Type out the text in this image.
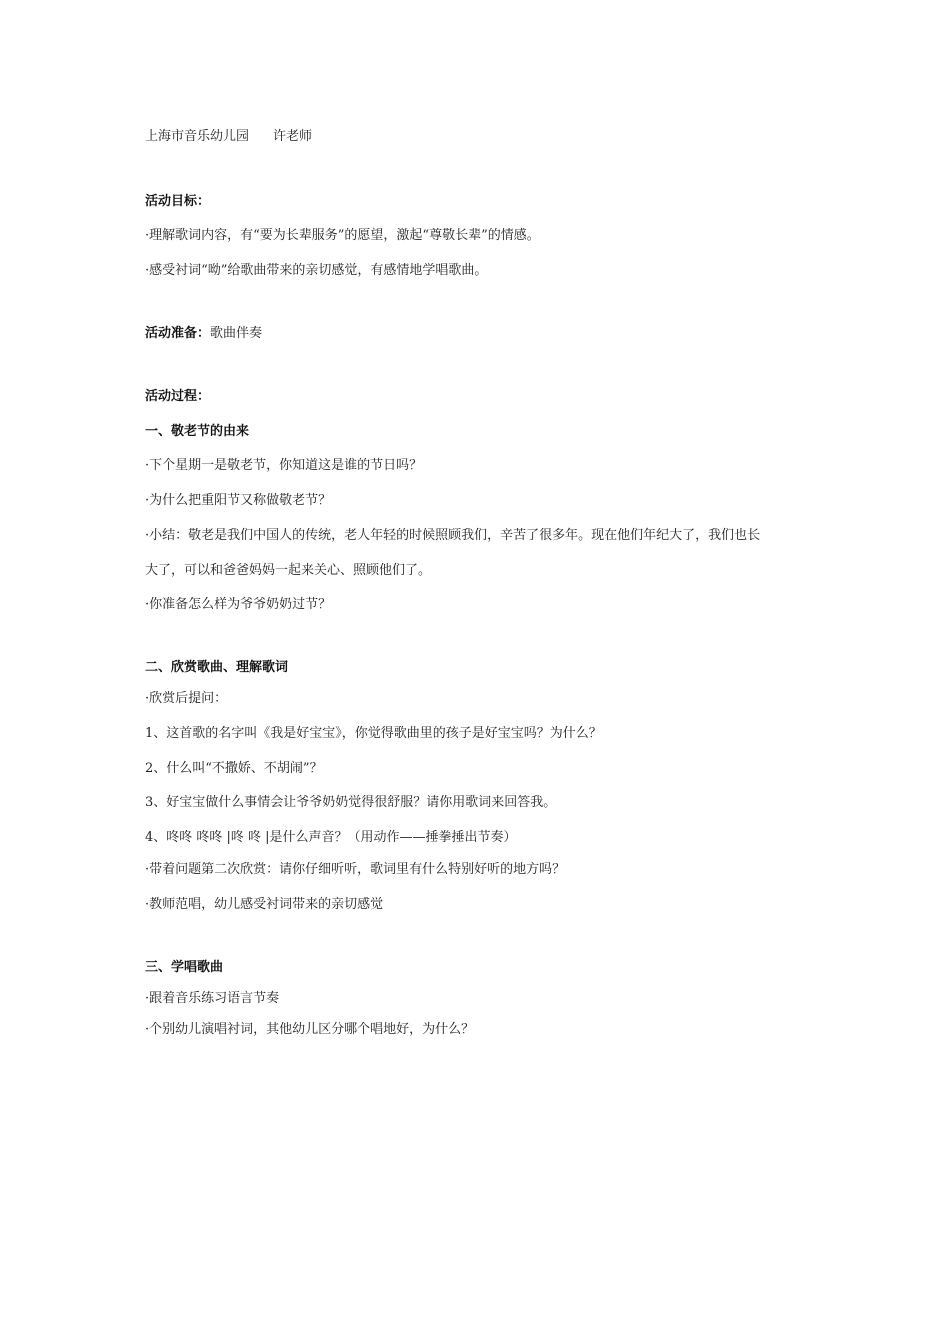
上海市音乐幼儿园 许老师
活动目标：
·理解歌词内容，有“要为长辈服务”的愿望，激起“尊敬长辈”的情感。
·感受衬词“呦”给歌曲带来的亲切感觉，有感情地学唱歌曲。
活动准备：歌曲伴奏
活动过程：
一、敬老节的由来
·下个星期一是敬老节，你知道这是谁的节日吗？
·为什么把重阳节又称做敬老节？
·小结：敬老是我们中国人的传统，老人年轻的时候照顾我们，辛苦了很多年。现在他们年纪大了，我们也长
大了，可以和爸爸妈妈一起来关心、照顾他们了。
·你准备怎么样为爷爷奶奶过节？
二、欣赏歌曲、理解歌词
·欣赏后提问：
1、这首歌的名字叫《我是好宝宝》，你觉得歌曲里的孩子是好宝宝吗？为什么？
2、什么叫“不撒娇、不胡闹”？
3、好宝宝做什么事情会让爷爷奶奶觉得很舒服？请你用歌词来回答我。
4、咚咚 咚咚 |咚 咚 |是什么声音？（用动作——捶拳捶出节奏）
·带着问题第二次欣赏：请你仔细听听，歌词里有什么特别好听的地方吗？
·教师范唱，幼儿感受衬词带来的亲切感觉
三、学唱歌曲
·跟着音乐练习语言节奏
·个别幼儿演唱衬词，其他幼儿区分哪个唱地好，为什么？
